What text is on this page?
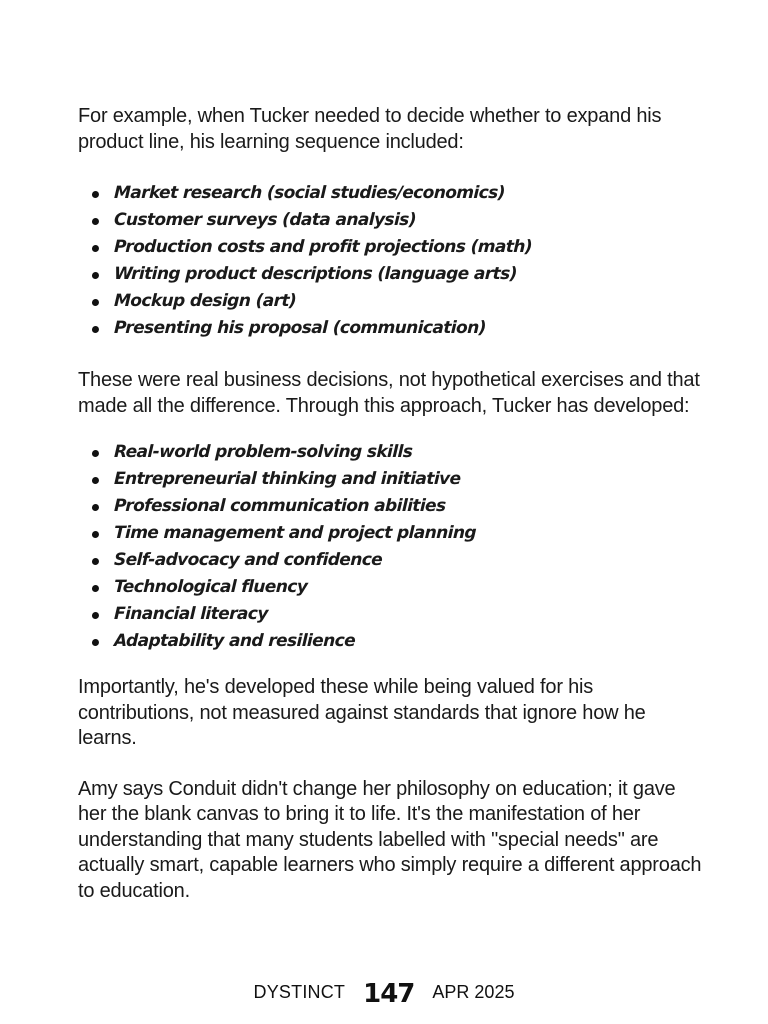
For example, when Tucker needed to decide whether to expand his product line, his learning sequence included:

Market research (social studies/economics)
Customer surveys (data analysis)
Production costs and profit projections (math)
Writing product descriptions (language arts)
Mockup design (art)
Presenting his proposal (communication)

These were real business decisions, not hypothetical exercises and that made all the difference. Through this approach, Tucker has developed:

Real-world problem-solving skills
Entrepreneurial thinking and initiative
Professional communication abilities
Time management and project planning
Self-advocacy and confidence
Technological fluency
Financial literacy
Adaptability and resilience

Importantly, he's developed these while being valued for his contributions, not measured against standards that ignore how he learns.

Amy says Conduit didn't change her philosophy on education; it gave her the blank canvas to bring it to life. It's the manifestation of her understanding that many students labelled with "special needs" are actually smart, capable learners who simply require a different approach to education.

DYSTINCT 147 APR 2025
